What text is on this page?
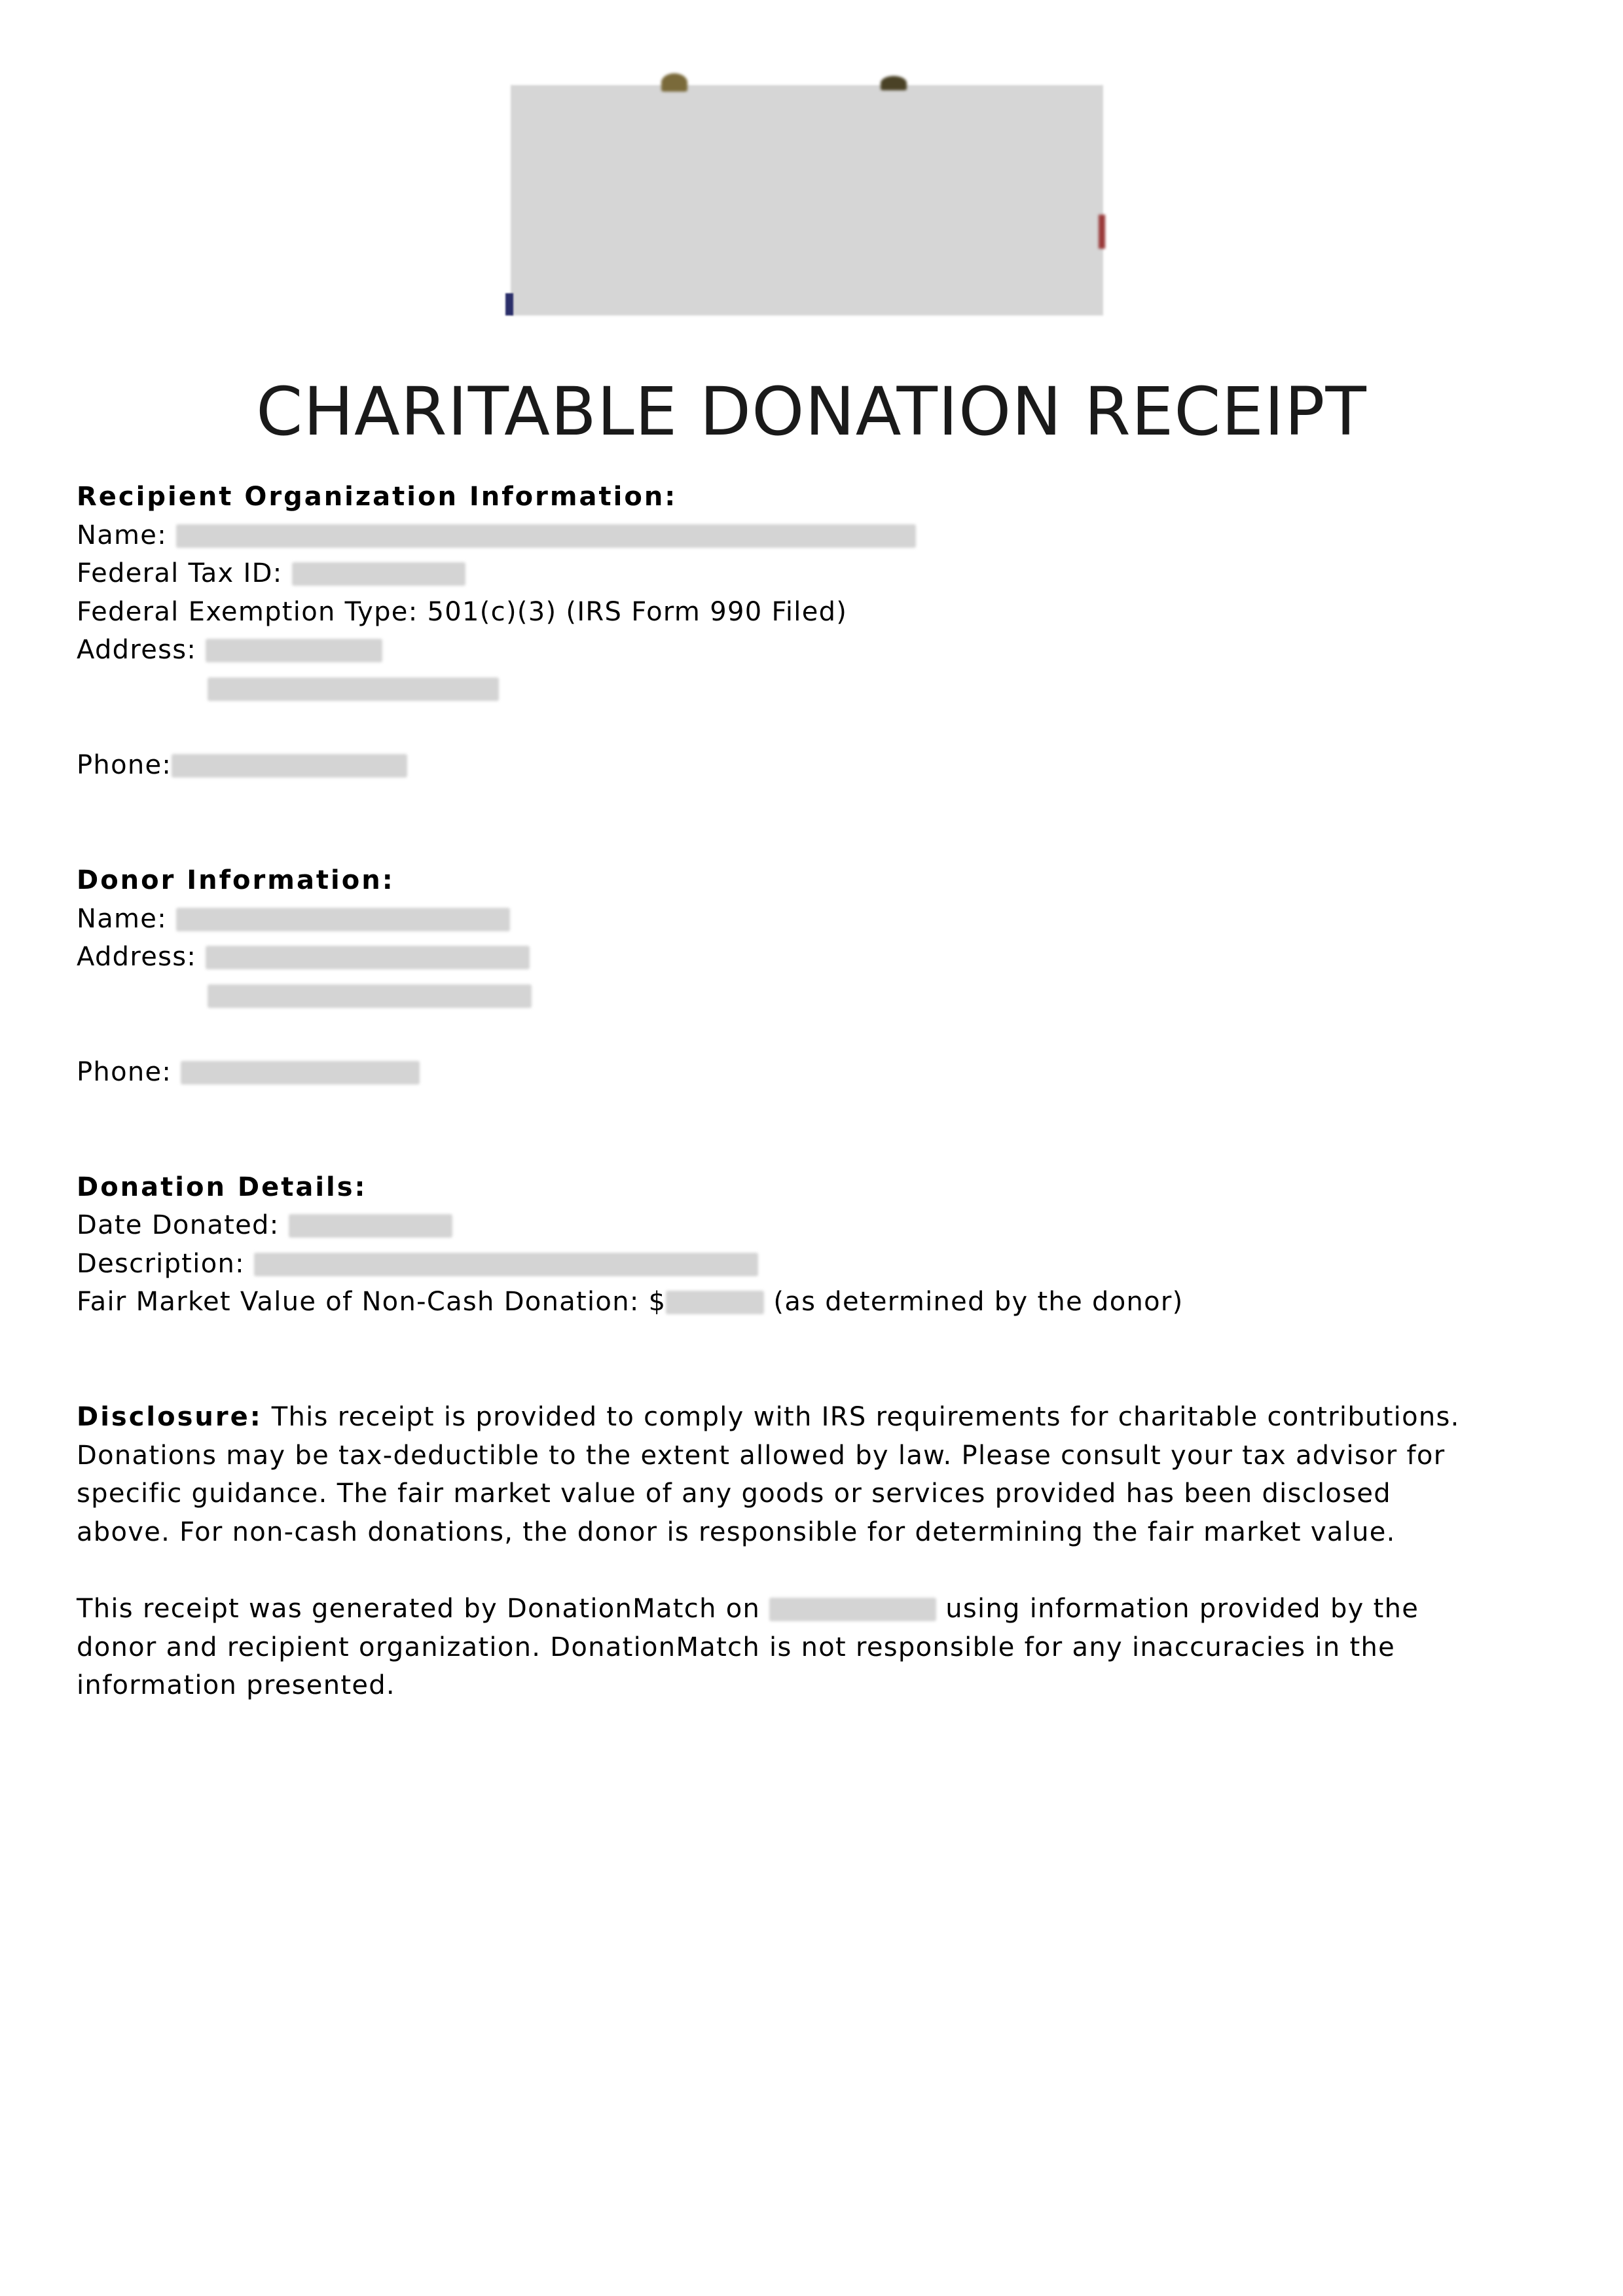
CHARITABLE DONATION RECEIPT
Recipient Organization Information:
Name:
Federal Tax ID:
Federal Exemption Type: 501(c)(3) (IRS Form 990 Filed)
Address:
Phone:
Donor Information:
Name:
Address:
Phone:
Donation Details:
Date Donated:
Description:
Fair Market Value of Non-Cash Donation: $	(as determined by the donor)
Disclosure: This receipt is provided to comply with IRS requirements for charitable contributions.
Donations may be tax-deductible to the extent allowed by law. Please consult your tax advisor for
specific guidance. The fair market value of any goods or services provided has been disclosed
above. For non-cash donations, the donor is responsible for determining the fair market value.
This receipt was generated by DonationMatch on	using information provided by the
donor and recipient organization. DonationMatch is not responsible for any inaccuracies in the
information presented.
